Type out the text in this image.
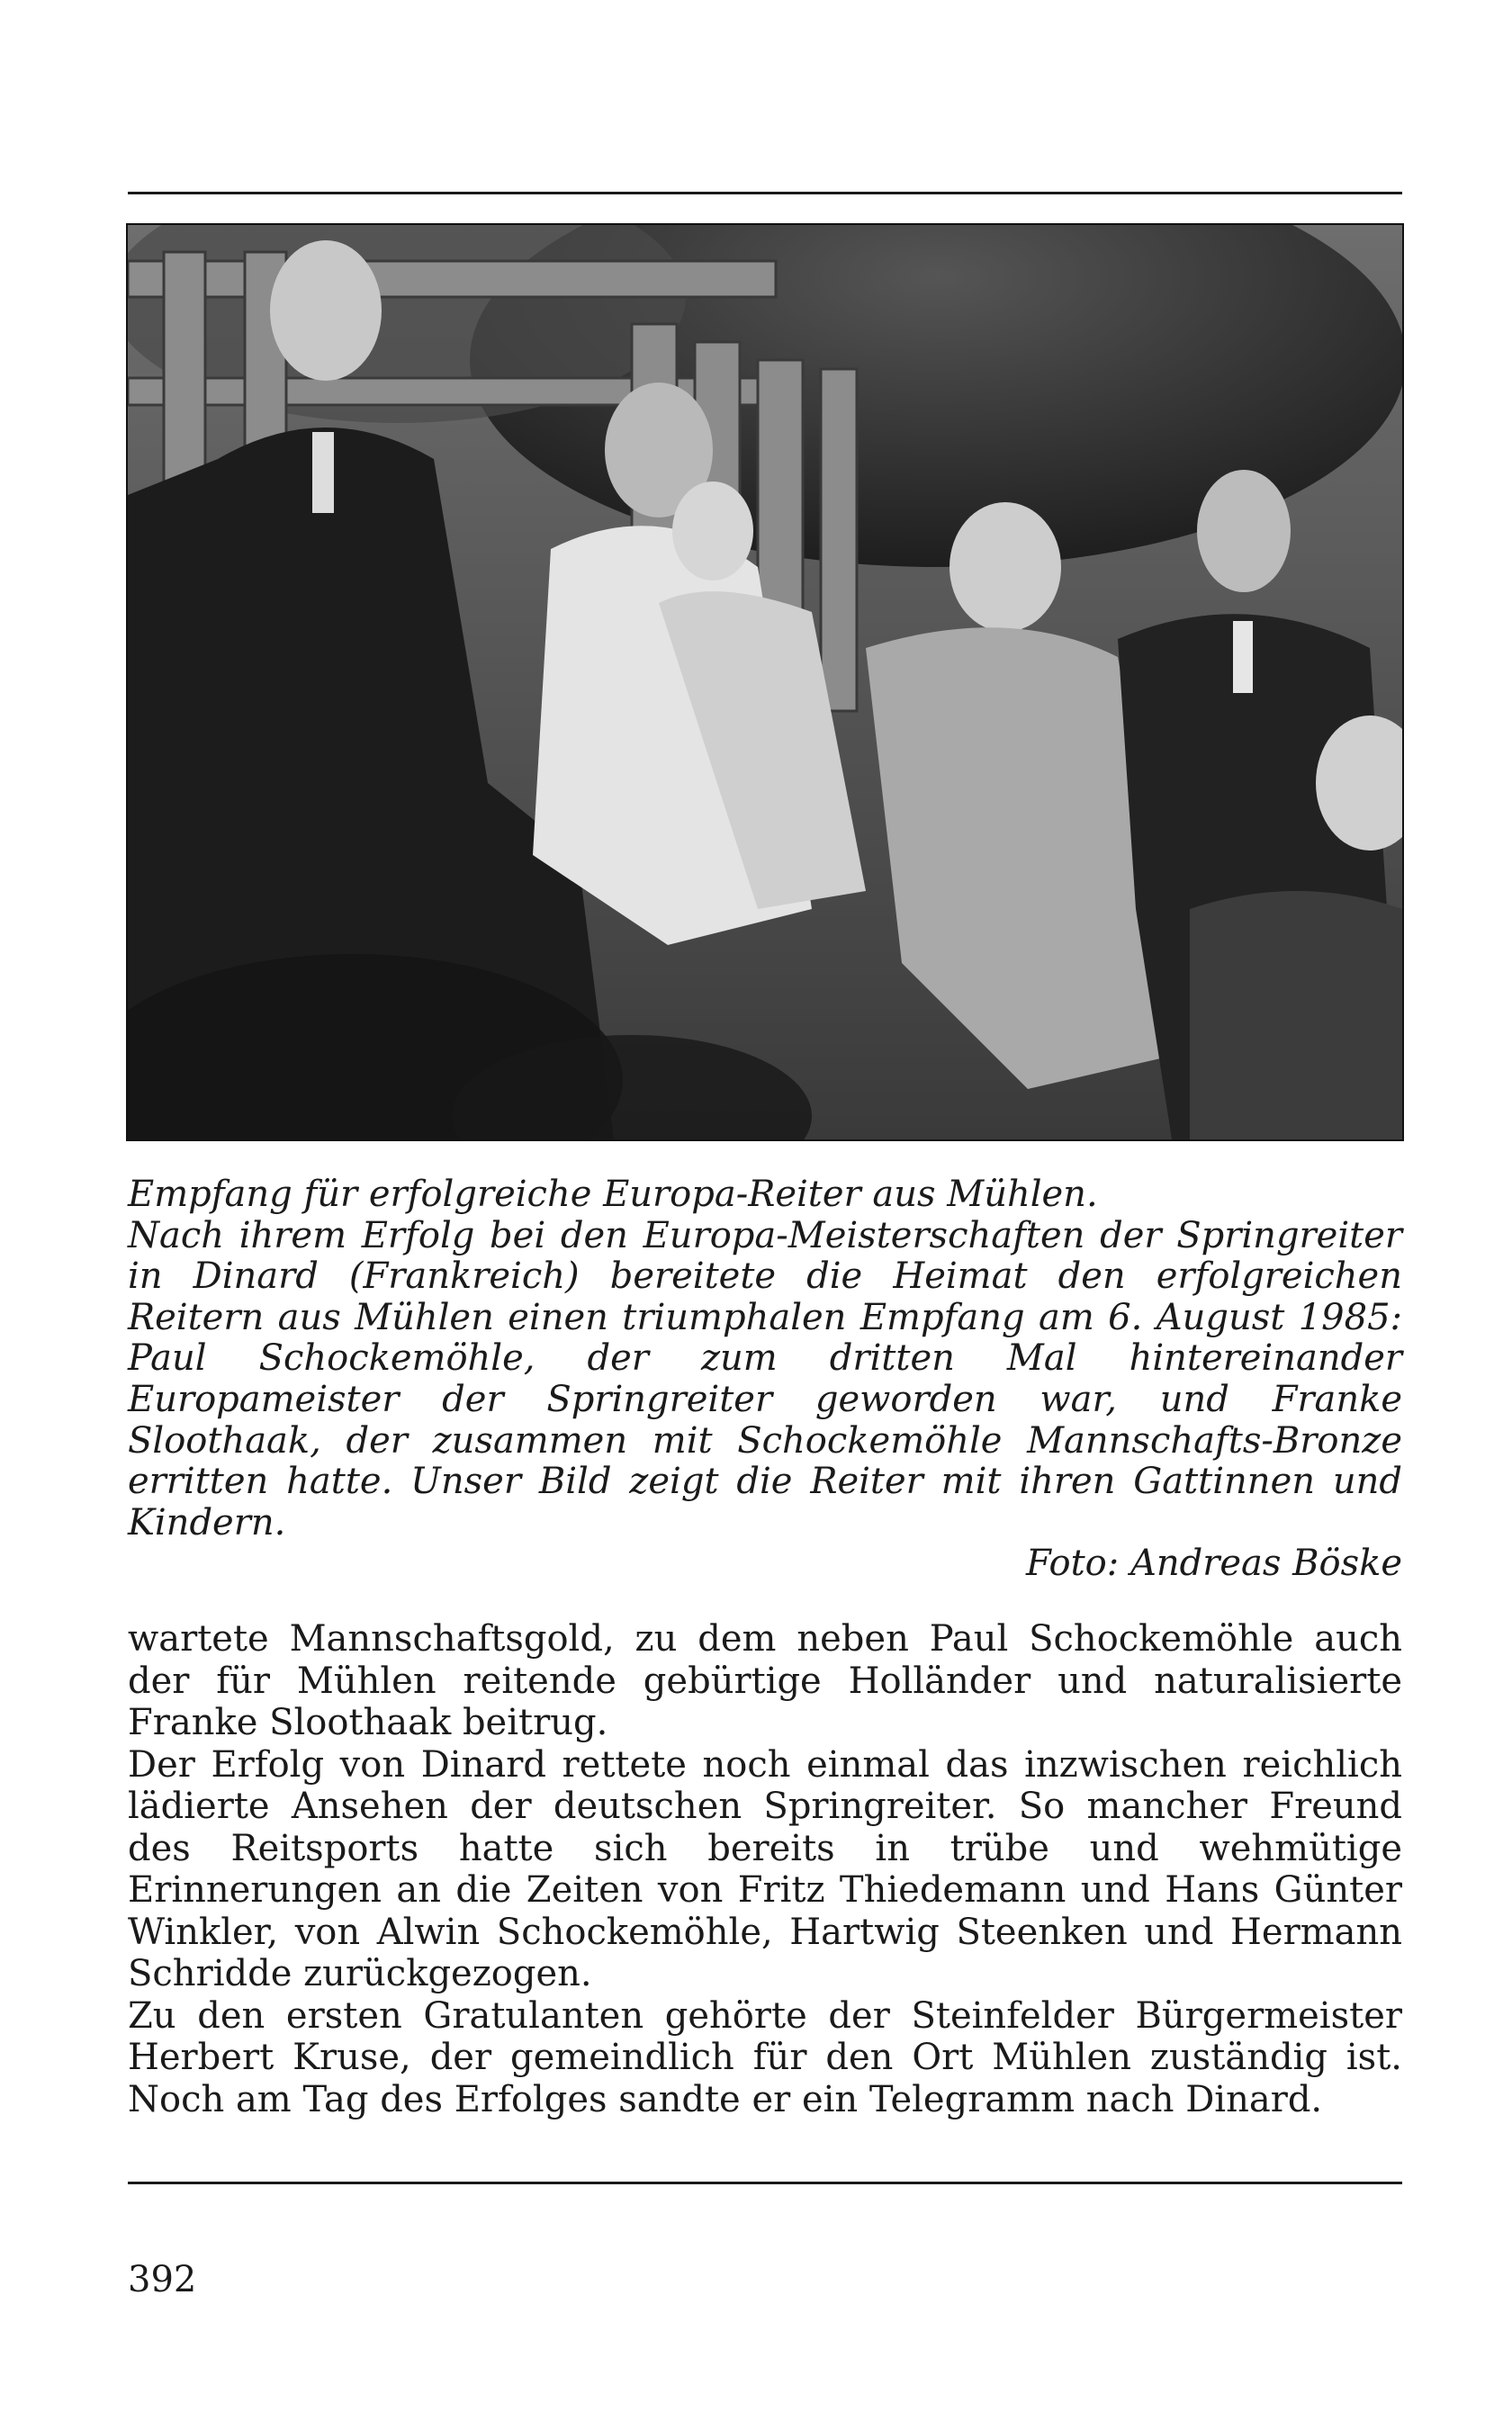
Empfang für erfolgreiche Europa-Reiter aus Mühlen.
Nach ihrem Erfolg bei den Europa-Meisterschaften der Springreiter in Dinard (Frankreich) bereitete die Heimat den erfolgreichen Reitern aus Mühlen einen triumphalen Empfang am 6. August 1985: Paul Schockemöhle, der zum dritten Mal hintereinander Europameister der Springreiter geworden war, und Franke Sloothaak, der zusammen mit Schockemöhle Mannschafts-Bronze erritten hatte. Unser Bild zeigt die Reiter mit ihren Gattinnen und Kindern.
Foto: Andreas Böske

wartete Mannschaftsgold, zu dem neben Paul Schockemöhle auch der für Mühlen reitende gebürtige Holländer und naturalisierte Franke Sloothaak beitrug.

Der Erfolg von Dinard rettete noch einmal das inzwischen reichlich lädierte Ansehen der deutschen Springreiter. So mancher Freund des Reitsports hatte sich bereits in trübe und wehmütige Erinnerungen an die Zeiten von Fritz Thiedemann und Hans Günter Winkler, von Alwin Schockemöhle, Hartwig Steenken und Hermann Schridde zurückgezogen.

Zu den ersten Gratulanten gehörte der Steinfelder Bürgermeister Herbert Kruse, der gemeindlich für den Ort Mühlen zuständig ist. Noch am Tag des Erfolges sandte er ein Telegramm nach Dinard.

392
